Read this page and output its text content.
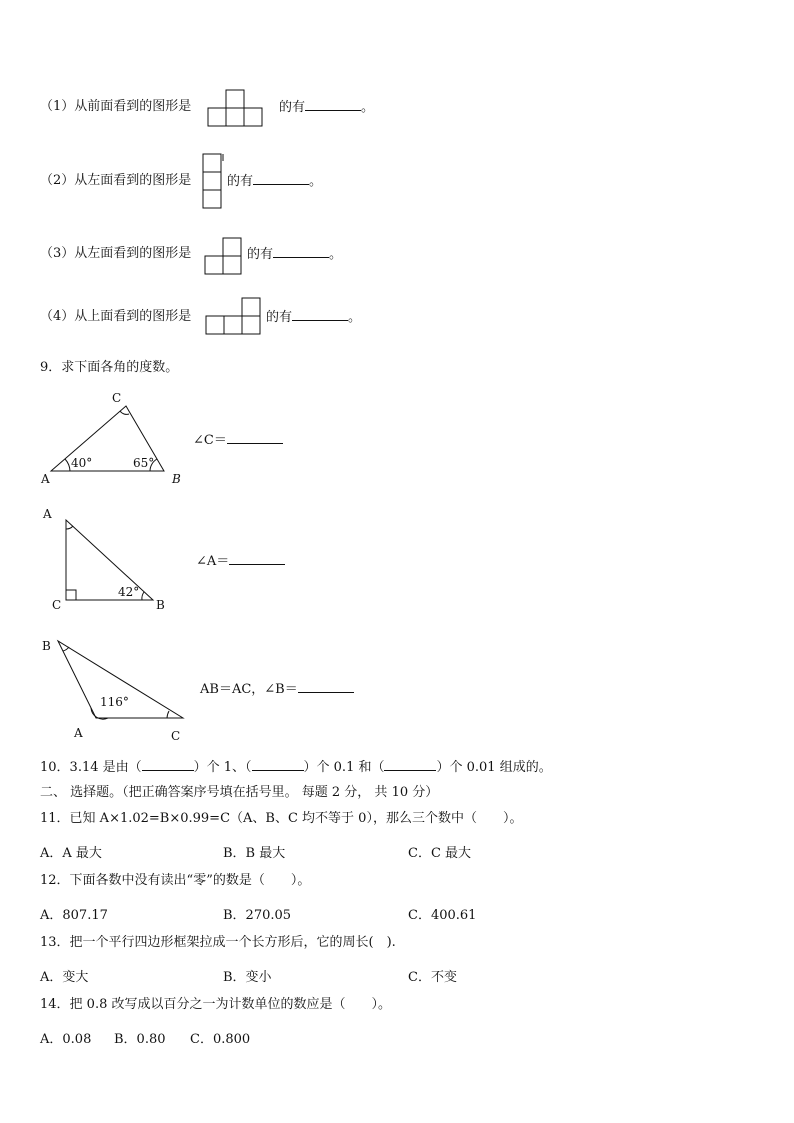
（1）从前面看到的图形是	的有	。
（2）从左面看到的图形是	的有	。
（3）从左面看到的图形是	的有	。
（4）从上面看到的图形是	的有	。
9．求下面各角的度数。
C
A	B
40°	65°
∠C＝
A
C	B
42°
∠A＝
B
A	C
116°
AB＝AC，∠B＝
10．3.14 是由（	）个 1、（	）个 0.1 和（	）个 0.01 组成的。
二、 选择题。（把正确答案序号填在括号里。 每题 2 分， 共 10 分）
11．已知 A×1.02=B×0.99=C（A、B、C 均不等于 0），那么三个数中（　　）。
A．A 最大	B．B 最大	C．C 最大
12．下面各数中没有读出“零”的数是（　　）。
A．807.17	B．270.05	C．400.61
13．把一个平行四边形框架拉成一个长方形后，它的周长(　).
A．变大	B．变小	C．不变
14．把 0.8 改写成以百分之一为计数单位的数应是（　　）。
A．0.08 B．0.80 C．0.800
